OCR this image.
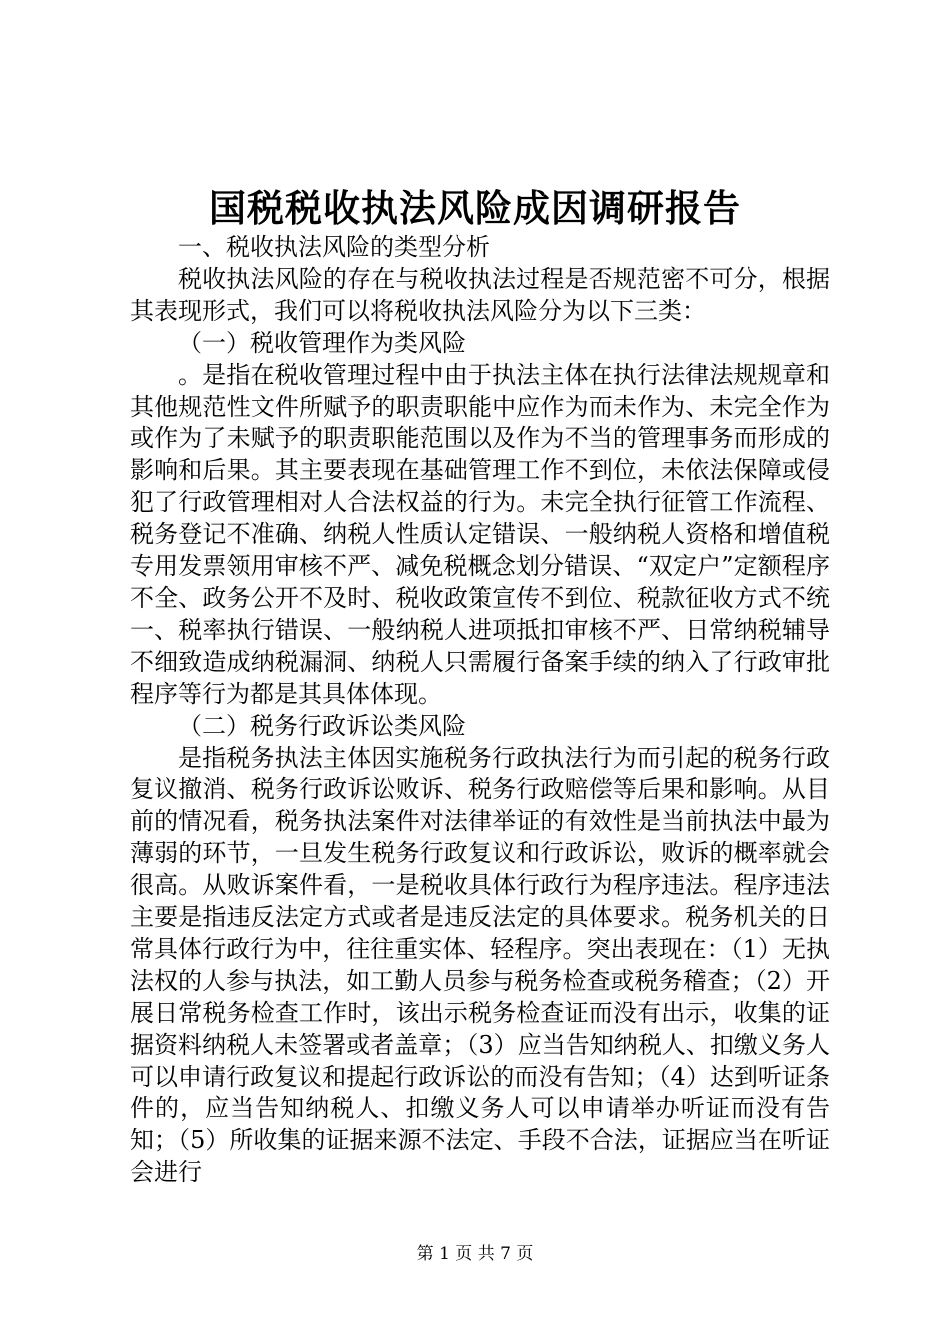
国税税收执法风险成因调研报告

一、税收执法风险的类型分析

税收执法风险的存在与税收执法过程是否规范密不可分，根据其表现形式，我们可以将税收执法风险分为以下三类：

（一）税收管理作为类风险

。是指在税收管理过程中由于执法主体在执行法律法规规章和其他规范性文件所赋予的职责职能中应作为而未作为、未完全作为或作为了未赋予的职责职能范围以及作为不当的管理事务而形成的影响和后果。其主要表现在基础管理工作不到位，未依法保障或侵犯了行政管理相对人合法权益的行为。未完全执行征管工作流程、税务登记不准确、纳税人性质认定错误、一般纳税人资格和增值税专用发票领用审核不严、减免税概念划分错误、“双定户”定额程序不全、政务公开不及时、税收政策宣传不到位、税款征收方式不统一、税率执行错误、一般纳税人进项抵扣审核不严、日常纳税辅导不细致造成纳税漏洞、纳税人只需履行备案手续的纳入了行政审批程序等行为都是其具体体现。

（二）税务行政诉讼类风险

是指税务执法主体因实施税务行政执法行为而引起的税务行政复议撤消、税务行政诉讼败诉、税务行政赔偿等后果和影响。从目前的情况看，税务执法案件对法律举证的有效性是当前执法中最为薄弱的环节，一旦发生税务行政复议和行政诉讼，败诉的概率就会很高。从败诉案件看，一是税收具体行政行为程序违法。程序违法主要是指违反法定方式或者是违反法定的具体要求。税务机关的日常具体行政行为中，往往重实体、轻程序。突出表现在：（1）无执法权的人参与执法，如工勤人员参与税务检查或税务稽查；（2）开展日常税务检查工作时，该出示税务检查证而没有出示，收集的证据资料纳税人未签署或者盖章；（3）应当告知纳税人、扣缴义务人可以申请行政复议和提起行政诉讼的而没有告知；（4）达到听证条件的，应当告知纳税人、扣缴义务人可以申请举办听证而没有告知；（5）所收集的证据来源不法定、手段不合法，证据应当在听证会进行

第 1 页 共 7 页
